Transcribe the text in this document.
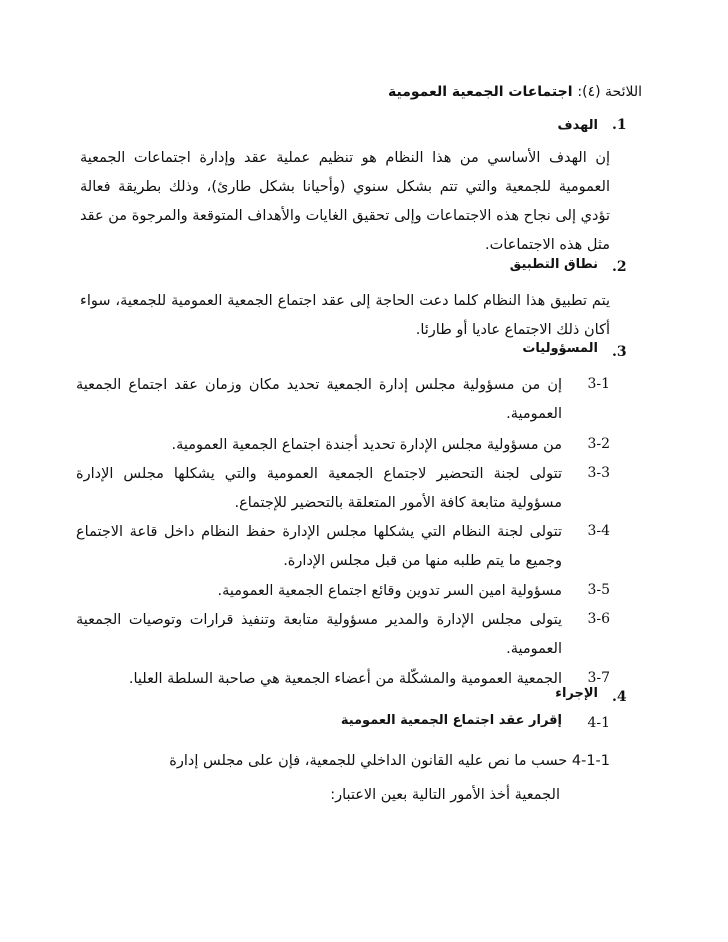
اللائحة (٤): اجتماعات الجمعية العمومية
.1
الهدف
إن الهدف الأساسي من هذا النظام هو تنظيم عملية عقد وإدارة اجتماعات الجمعية العمومية للجمعية والتي تتم بشكل سنوي (وأحيانا بشكل طارئ)، وذلك بطريقة فعالة تؤدي إلى نجاح هذه الاجتماعات وإلى تحقيق الغايات والأهداف المتوقعة والمرجوة من عقد مثل هذه الاجتماعات.
.2
نطاق التطبيق
يتم تطبيق هذا النظام كلما دعت الحاجة إلى عقد اجتماع الجمعية العمومية للجمعية، سواء أكان ذلك الاجتماع عاديا أو طارئا.
.3
المسؤوليات
3-1
إن من مسؤولية مجلس إدارة الجمعية تحديد مكان وزمان عقد اجتماع الجمعية العمومية.
3-2
من مسؤولية مجلس الإدارة تحديد أجندة اجتماع الجمعية العمومية.
3-3
تتولى لجنة التحضير لاجتماع الجمعية العمومية والتي يشكلها مجلس الإدارة مسؤولية متابعة كافة الأمور المتعلقة بالتحضير للإجتماع.
3-4
تتولى لجنة النظام التي يشكلها مجلس الإدارة حفظ النظام داخل قاعة الاجتماع وجميع ما يتم طلبه منها من قبل مجلس الإدارة.
3-5
مسؤولية امين السر تدوين وقائع اجتماع الجمعية العمومية.
3-6
يتولى مجلس الإدارة والمدير مسؤولية متابعة وتنفيذ قرارات وتوصيات الجمعية العمومية.
3-7
الجمعية العمومية والمشكّلة من أعضاء الجمعية هي صاحبة السلطة العليا.
.4
الإجراء
4-1
إقرار عقد اجتماع الجمعية العمومية
4-1-1 حسب ما نص عليه القانون الداخلي للجمعية، فإن على مجلس إدارة
الجمعية أخذ الأمور التالية بعين الاعتبار:
